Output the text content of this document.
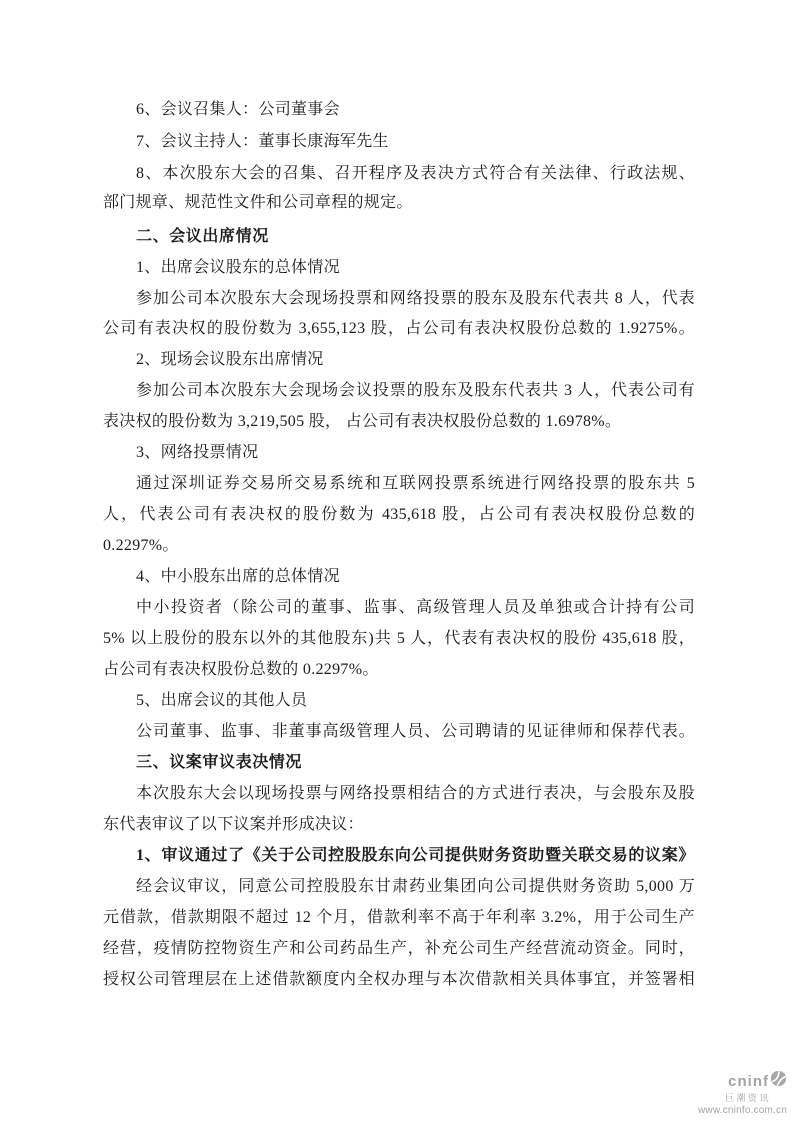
6、会议召集人：公司董事会
7、会议主持人：董事长康海军先生
8、本次股东大会的召集、召开程序及表决方式符合有关法律、行政法规、
部门规章、规范性文件和公司章程的规定。
二、会议出席情况
1、出席会议股东的总体情况
参加公司本次股东大会现场投票和网络投票的股东及股东代表共 8 人，代表
公司有表决权的股份数为 3,655,123 股，占公司有表决权股份总数的 1.9275%。
2、现场会议股东出席情况
参加公司本次股东大会现场会议投票的股东及股东代表共 3 人，代表公司有
表决权的股份数为 3,219,505 股， 占公司有表决权股份总数的 1.6978%。
3、网络投票情况
通过深圳证券交易所交易系统和互联网投票系统进行网络投票的股东共 5
人，代表公司有表决权的股份数为 435,618 股，占公司有表决权股份总数的
0.2297%。
4、中小股东出席的总体情况
中小投资者（除公司的董事、监事、高级管理人员及单独或合计持有公司
5% 以上股份的股东以外的其他股东)共 5 人，代表有表决权的股份 435,618 股，
占公司有表决权股份总数的 0.2297%。
5、出席会议的其他人员
公司董事、监事、非董事高级管理人员、公司聘请的见证律师和保荐代表。
三、议案审议表决情况
本次股东大会以现场投票与网络投票相结合的方式进行表决，与会股东及股
东代表审议了以下议案并形成决议：
1、审议通过了《关于公司控股股东向公司提供财务资助暨关联交易的议案》
经会议审议，同意公司控股股东甘肃药业集团向公司提供财务资助 5,000 万
元借款，借款期限不超过 12 个月，借款利率不高于年利率 3.2%，用于公司生产
经营，疫情防控物资生产和公司药品生产，补充公司生产经营流动资金。同时，
授权公司管理层在上述借款额度内全权办理与本次借款相关具体事宜，并签署相
cninf
巨潮资讯
www.cninfo.com.cn
